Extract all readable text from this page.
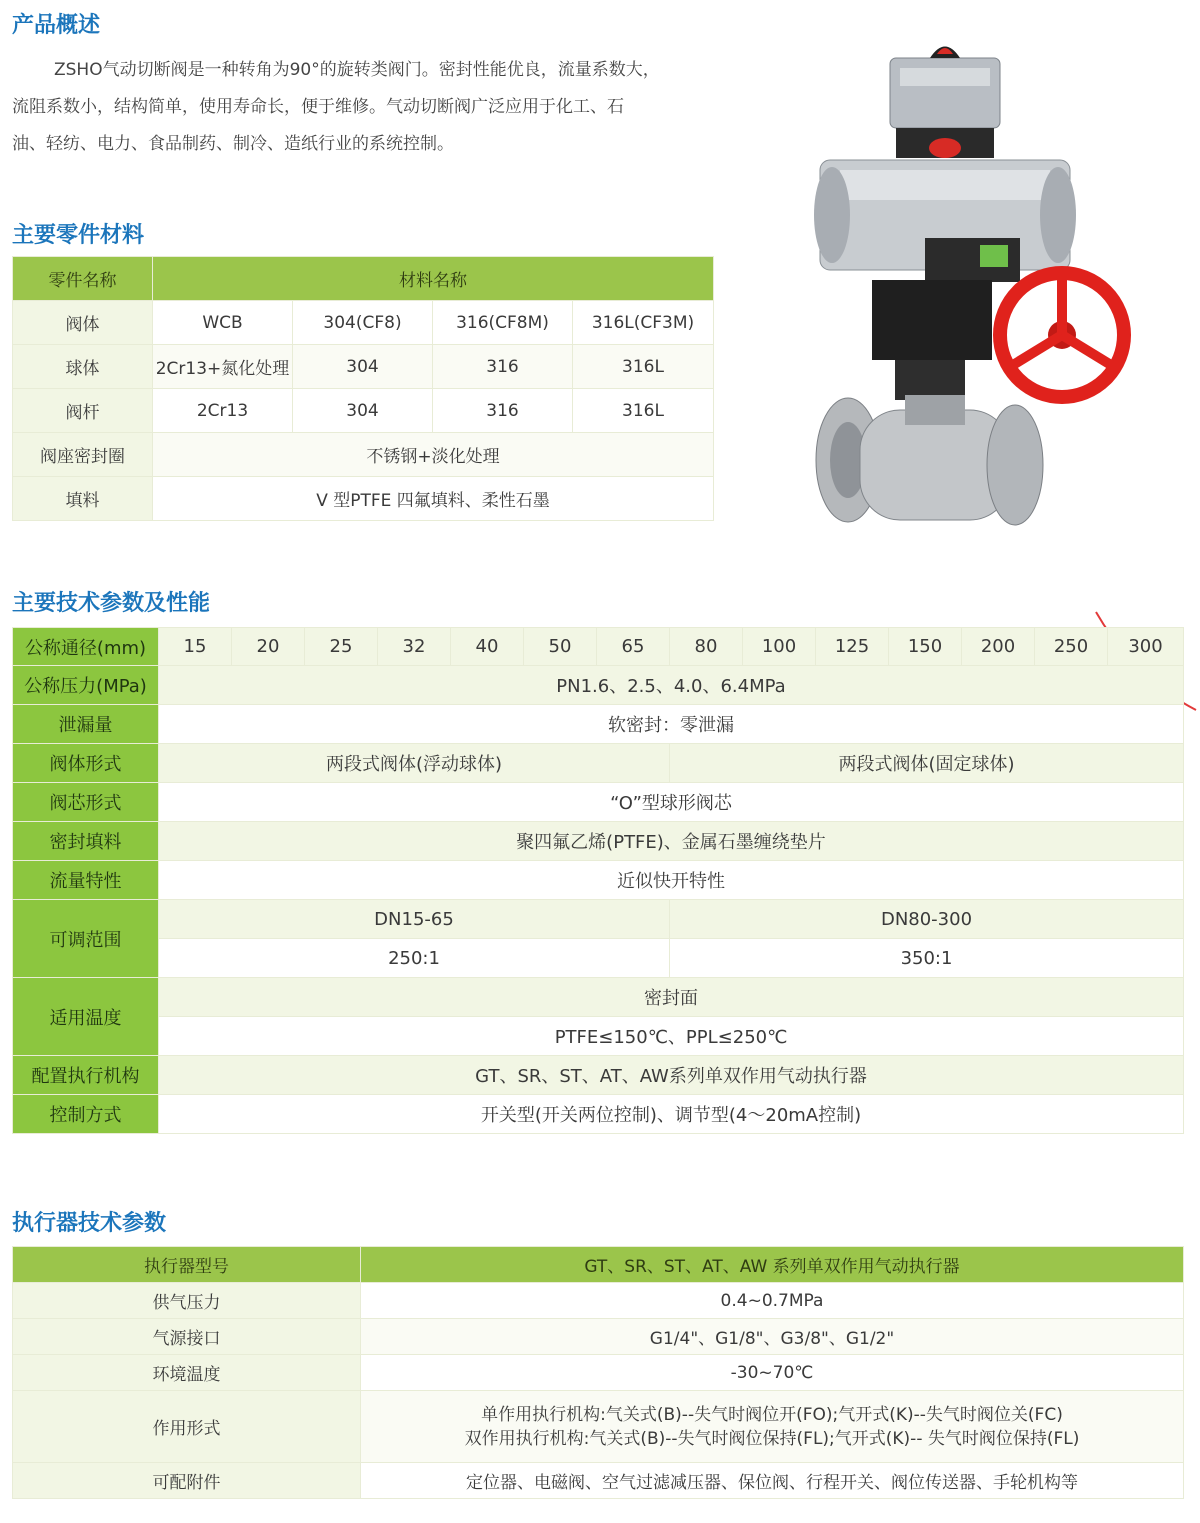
产品概述
ZSHO气动切断阀是一种转角为90°的旋转类阀门。密封性能优良，流量系数大，
流阻系数小，结构简单，使用寿命长，便于维修。气动切断阀广泛应用于化工、石
油、轻纺、电力、食品制药、制冷、造纸行业的系统控制。
主要零件材料
零件名称	材料名称			
阀体	WCB	304(CF8)	316(CF8M)	316L(CF3M)
球体	2Cr13+氮化处理	304	316	316L
阀杆	2Cr13	304	316	316L
阀座密封圈	不锈钢+淡化处理			
填料	V 型PTFE 四氟填料、柔性石墨			
主要技术参数及性能
公称通径(mm)	15	20	25	32	40	50	65	80	100	125	150	200	250	300
公称压力(MPa)	PN1.6、2.5、4.0、6.4MPa													
泄漏量	软密封：零泄漏													
阀体形式	两段式阀体(浮动球体)							两段式阀体(固定球体)						
阀芯形式	“O”型球形阀芯													
密封填料	聚四氟乙烯(PTFE)、金属石墨缠绕垫片													
流量特性	近似快开特性													
可调范围	DN15-65							DN80-300						
	250:1							350:1						
适用温度	密封面													
	PTFE≤150℃、PPL≤250℃													
配置执行机构	GT、SR、ST、AT、AW系列单双作用气动执行器													
控制方式	开关型(开关两位控制)、调节型(4～20mA控制)													
执行器技术参数
执行器型号	GT、SR、ST、AT、AW 系列单双作用气动执行器
供气压力	0.4~0.7MPa
气源接口	G1/4"、G1/8"、G3/8"、G1/2"
环境温度	-30~70℃
作用形式	单作用执行机构:气关式(B)--失气时阀位开(FO);气开式(K)--失气时阀位关(FC)
双作用执行机构:气关式(B)--失气时阀位保持(FL);气开式(K)-- 失气时阀位保持(FL)

可配附件	定位器、电磁阀、空气过滤减压器、保位阀、行程开关、阀位传送器、手轮机构等
